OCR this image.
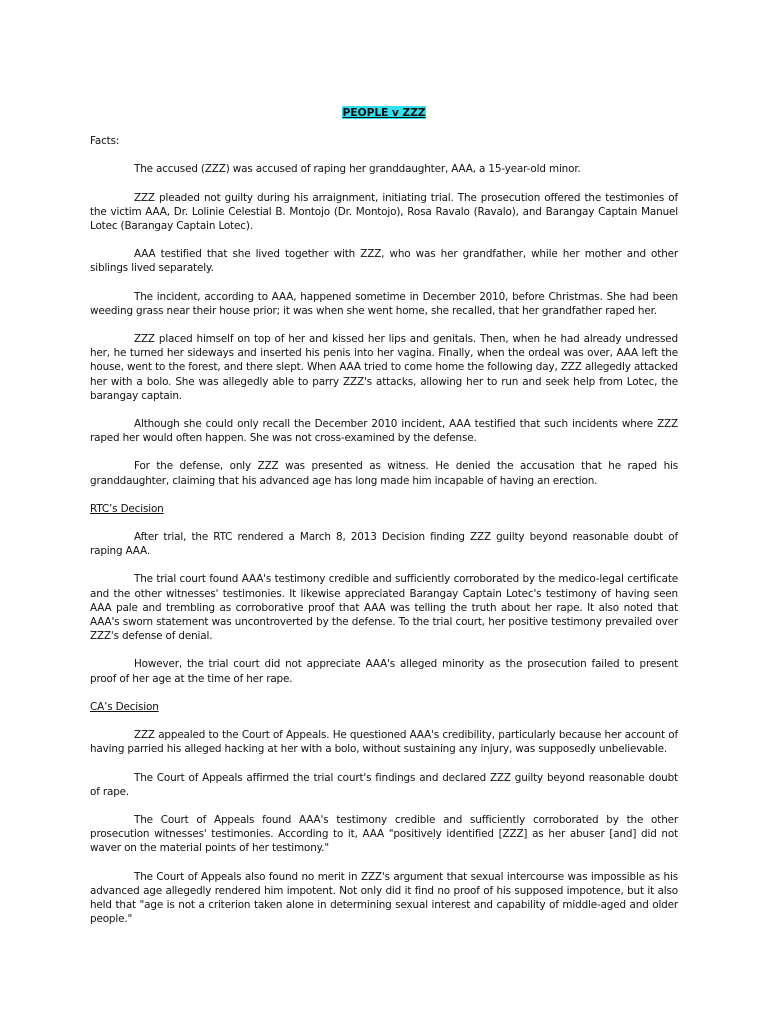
PEOPLE v ZZZ
Facts:

The accused (ZZZ) was accused of raping her granddaughter, AAA, a 15-year-old minor.

ZZZ pleaded not guilty during his arraignment, initiating trial. The prosecution offered the testimonies of the victim AAA, Dr. Lolinie Celestial B. Montojo (Dr. Montojo), Rosa Ravalo (Ravalo), and Barangay Captain Manuel Lotec (Barangay Captain Lotec).

AAA testified that she lived together with ZZZ, who was her grandfather, while her mother and other siblings lived separately.

The incident, according to AAA, happened sometime in December 2010, before Christmas. She had been weeding grass near their house prior; it was when she went home, she recalled, that her grandfather raped her.

ZZZ placed himself on top of her and kissed her lips and genitals. Then, when he had already undressed her, he turned her sideways and inserted his penis into her vagina. Finally, when the ordeal was over, AAA left the house, went to the forest, and there slept. When AAA tried to come home the following day, ZZZ allegedly attacked her with a bolo. She was allegedly able to parry ZZZ's attacks, allowing her to run and seek help from Lotec, the barangay captain.

Although she could only recall the December 2010 incident, AAA testified that such incidents where ZZZ raped her would often happen. She was not cross-examined by the defense.

For the defense, only ZZZ was presented as witness. He denied the accusation that he raped his granddaughter, claiming that his advanced age has long made him incapable of having an erection.

RTC’s Decision

After trial, the RTC rendered a March 8, 2013 Decision finding ZZZ guilty beyond reasonable doubt of raping AAA.

The trial court found AAA's testimony credible and sufficiently corroborated by the medico-legal certificate and the other witnesses' testimonies. It likewise appreciated Barangay Captain Lotec's testimony of having seen AAA pale and trembling as corroborative proof that AAA was telling the truth about her rape. It also noted that AAA's sworn statement was uncontroverted by the defense. To the trial court, her positive testimony prevailed over ZZZ's defense of denial.

However, the trial court did not appreciate AAA's alleged minority as the prosecution failed to present proof of her age at the time of her rape.

CA’s Decision

ZZZ appealed to the Court of Appeals. He questioned AAA's credibility, particularly because her account of having parried his alleged hacking at her with a bolo, without sustaining any injury, was supposedly unbelievable.

The Court of Appeals affirmed the trial court's findings and declared ZZZ guilty beyond reasonable doubt of rape.

The Court of Appeals found AAA's testimony credible and sufficiently corroborated by the other prosecution witnesses' testimonies. According to it, AAA "positively identified [ZZZ] as her abuser [and] did not waver on the material points of her testimony."

The Court of Appeals also found no merit in ZZZ's argument that sexual intercourse was impossible as his advanced age allegedly rendered him impotent. Not only did it find no proof of his supposed impotence, but it also held that "age is not a criterion taken alone in determining sexual interest and capability of middle-aged and older people."
